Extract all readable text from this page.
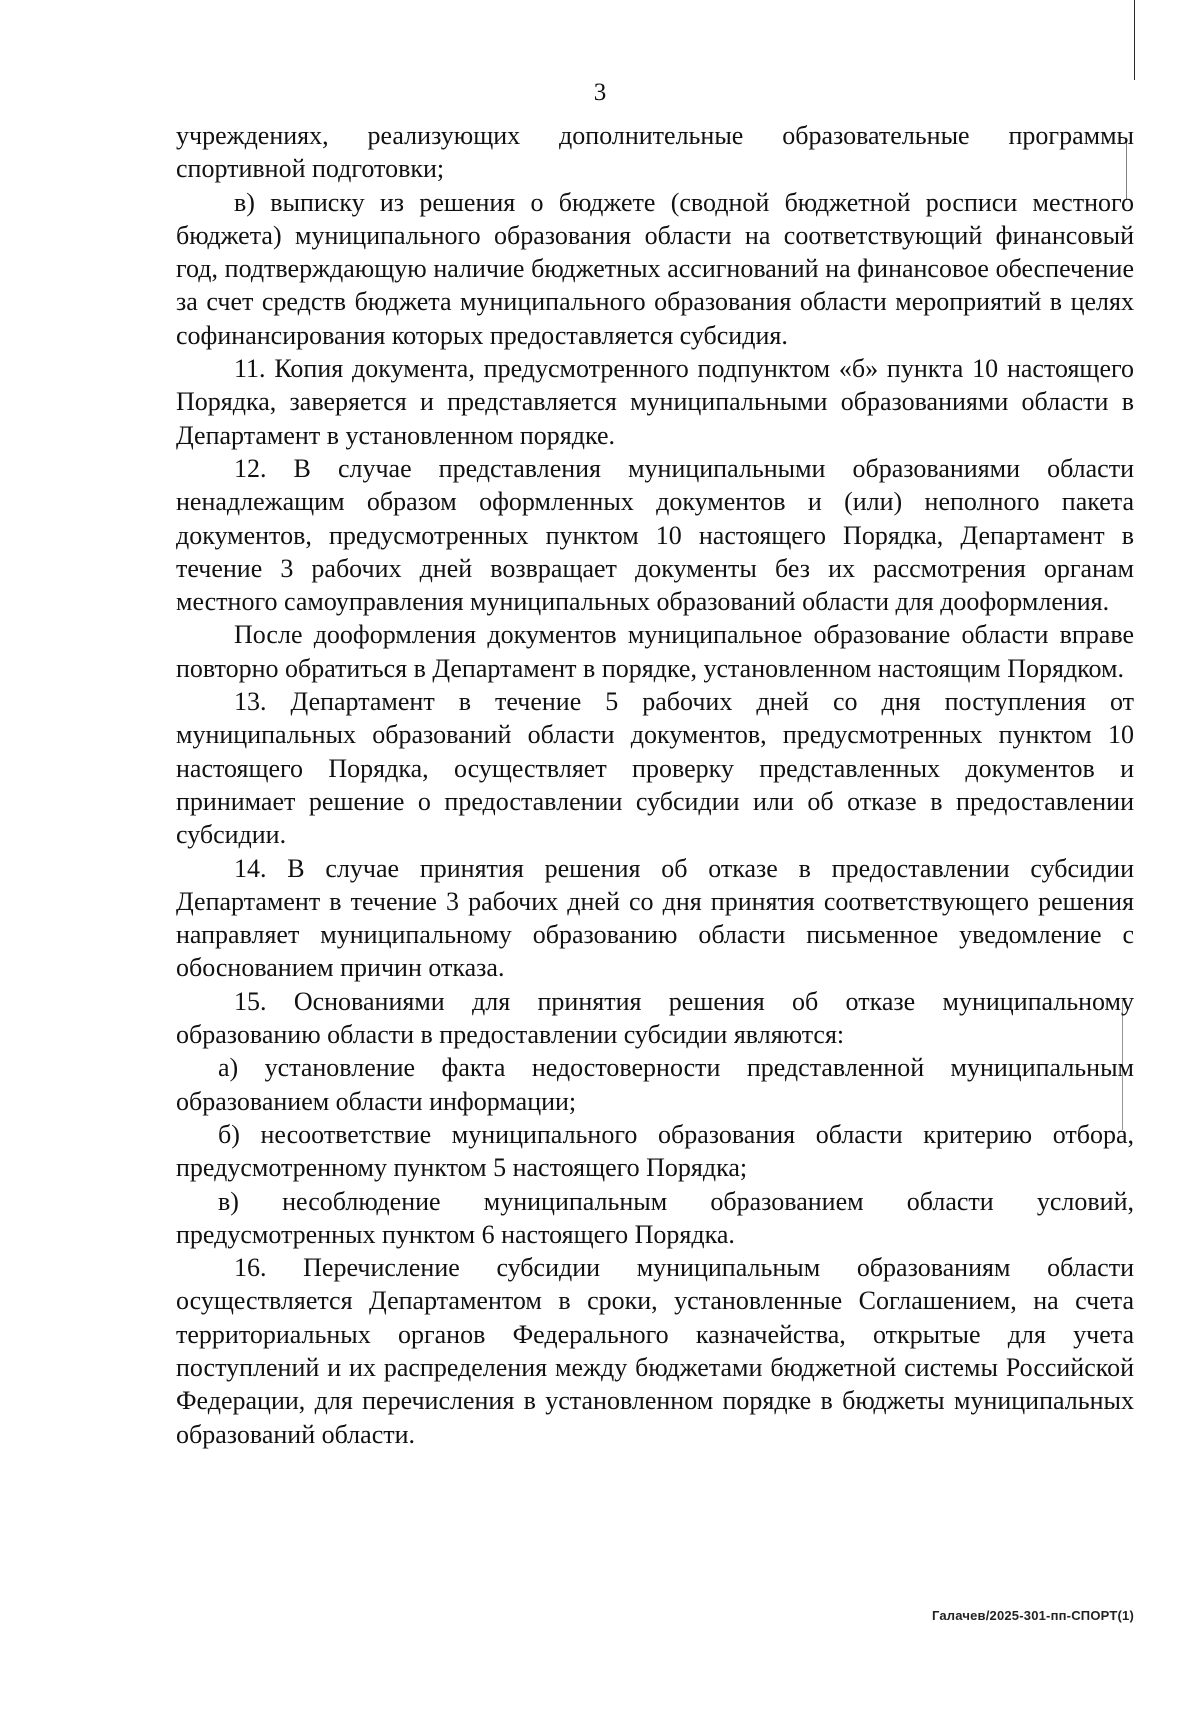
3

учреждениях, реализующих дополнительные образовательные программы спортивной подготовки;

в) выписку из решения о бюджете (сводной бюджетной росписи местного бюджета) муниципального образования области на соответствующий финансовый год, подтверждающую наличие бюджетных ассигнований на финансовое обеспечение за счет средств бюджета муниципального образования области мероприятий в целях софинансирования которых предоставляется субсидия.

11. Копия документа, предусмотренного подпунктом «б» пункта 10 настоящего Порядка, заверяется и представляется муниципальными образованиями области в Департамент в установленном порядке.

12. В случае представления муниципальными образованиями области ненадлежащим образом оформленных документов и (или) неполного пакета документов, предусмотренных пунктом 10 настоящего Порядка, Департамент в течение 3 рабочих дней возвращает документы без их рассмотрения органам местного самоуправления муниципальных образований области для дооформления.

После дооформления документов муниципальное образование области вправе повторно обратиться в Департамент в порядке, установленном настоящим Порядком.

13. Департамент в течение 5 рабочих дней со дня поступления от муниципальных образований области документов, предусмотренных пунктом 10 настоящего Порядка, осуществляет проверку представленных документов и принимает решение о предоставлении субсидии или об отказе в предоставлении субсидии.

14. В случае принятия решения об отказе в предоставлении субсидии Департамент в течение 3 рабочих дней со дня принятия соответствующего решения направляет муниципальному образованию области письменное уведомление с обоснованием причин отказа.

15. Основаниями для принятия решения об отказе муниципальному образованию области в предоставлении субсидии являются:

а) установление факта недостоверности представленной муниципальным образованием области информации;

б) несоответствие муниципального образования области критерию отбора, предусмотренному пунктом 5 настоящего Порядка;

в) несоблюдение муниципальным образованием области условий, предусмотренных пунктом 6 настоящего Порядка.

16. Перечисление субсидии муниципальным образованиям области осуществляется Департаментом в сроки, установленные Соглашением, на счета территориальных органов Федерального казначейства, открытые для учета поступлений и их распределения между бюджетами бюджетной системы Российской Федерации, для перечисления в установленном порядке в бюджеты муниципальных образований области.

Галачев/2025-301-пп-СПОРТ(1)
